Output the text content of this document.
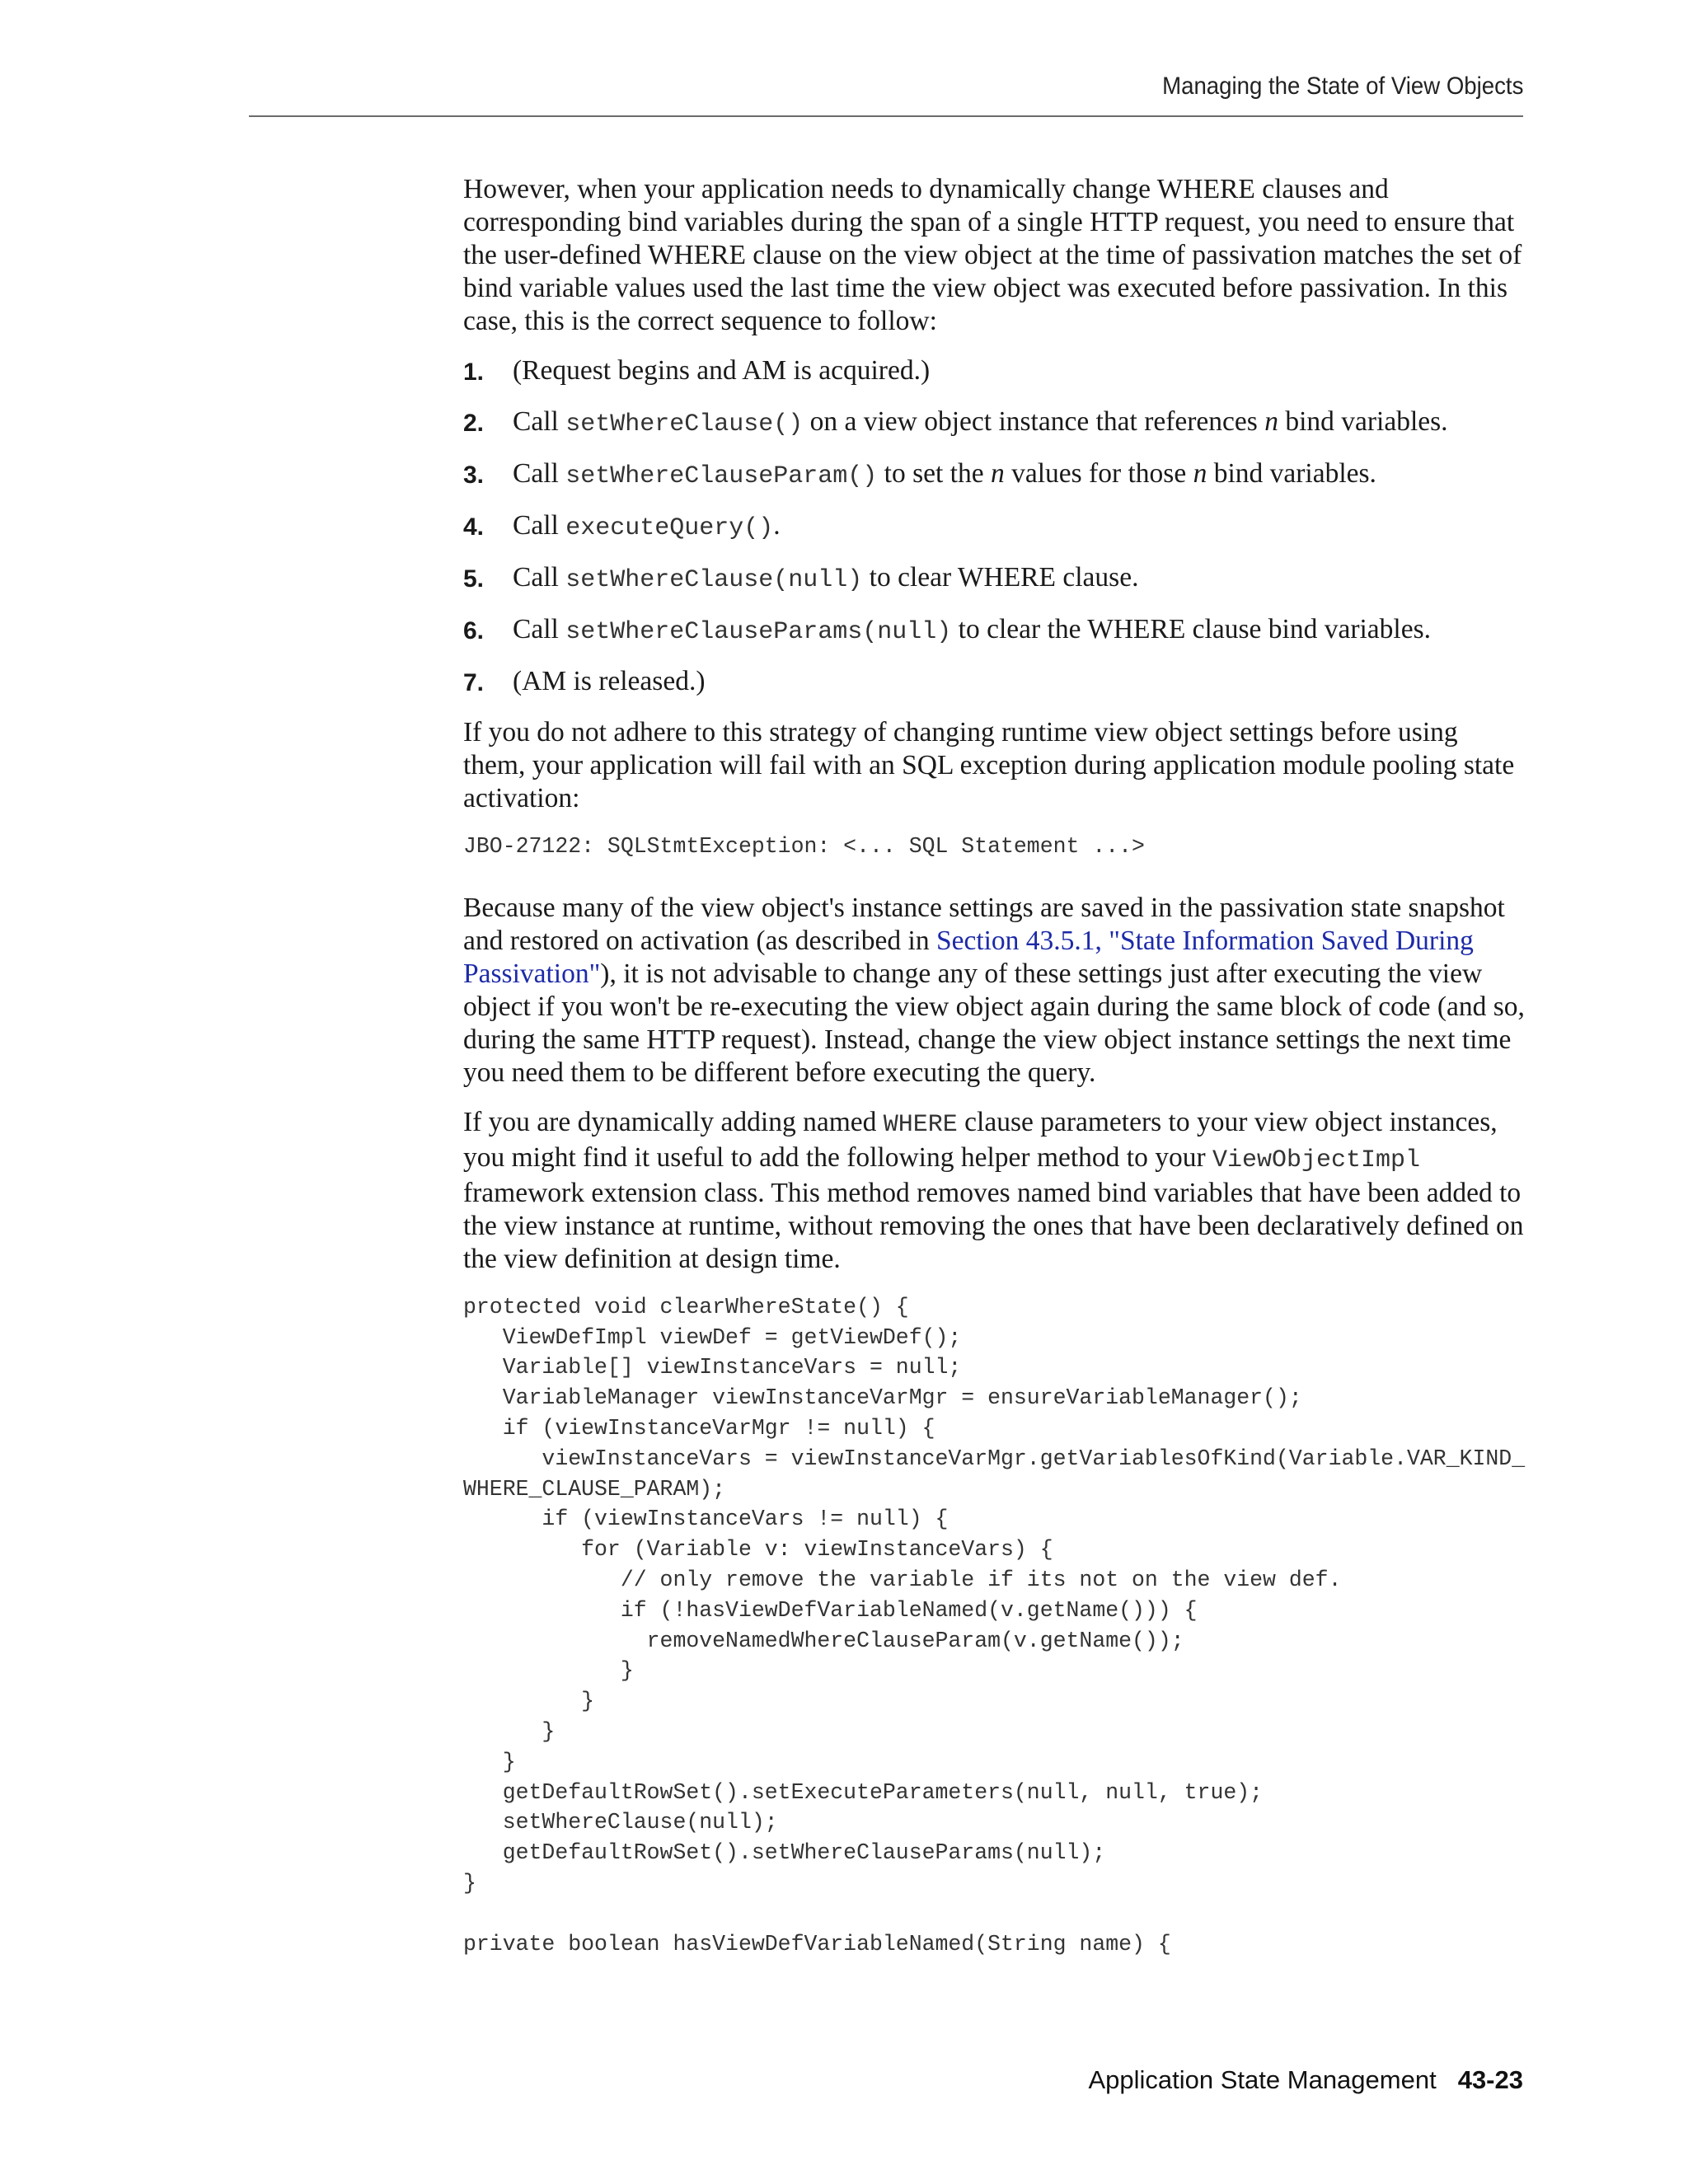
Managing the State of View Objects

However, when your application needs to dynamically change WHERE clauses and corresponding bind variables during the span of a single HTTP request, you need to ensure that the user-defined WHERE clause on the view object at the time of passivation matches the set of bind variable values used the last time the view object was executed before passivation. In this case, this is the correct sequence to follow:

1.	(Request begins and AM is acquired.)
2.	Call setWhereClause() on a view object instance that references n bind variables.
3.	Call setWhereClauseParam() to set the n values for those n bind variables.
4.	Call executeQuery().
5.	Call setWhereClause(null) to clear WHERE clause.
6.	Call setWhereClauseParams(null) to clear the WHERE clause bind variables.
7.	(AM is released.)

If you do not adhere to this strategy of changing runtime view object settings before using them, your application will fail with an SQL exception during application module pooling state activation:

JBO-27122: SQLStmtException: <... SQL Statement ...>

Because many of the view object's instance settings are saved in the passivation state snapshot and restored on activation (as described in Section 43.5.1, "State Information Saved During Passivation"), it is not advisable to change any of these settings just after executing the view object if you won't be re-executing the view object again during the same block of code (and so, during the same HTTP request). Instead, change the view object instance settings the next time you need them to be different before executing the query.

If you are dynamically adding named WHERE clause parameters to your view object instances, you might find it useful to add the following helper method to your ViewObjectImpl framework extension class. This method removes named bind variables that have been added to the view instance at runtime, without removing the ones that have been declaratively defined on the view definition at design time.

protected void clearWhereState() {
ViewDefImpl viewDef = getViewDef();
Variable[] viewInstanceVars = null;
VariableManager viewInstanceVarMgr = ensureVariableManager();
if (viewInstanceVarMgr != null) {
viewInstanceVars = viewInstanceVarMgr.getVariablesOfKind(Variable.VAR_KIND_
WHERE_CLAUSE_PARAM);
if (viewInstanceVars != null) {
for (Variable v: viewInstanceVars) {
// only remove the variable if its not on the view def.
if (!hasViewDefVariableNamed(v.getName())) {
removeNamedWhereClauseParam(v.getName());
}
}
}
}
getDefaultRowSet().setExecuteParameters(null, null, true);
setWhereClause(null);
getDefaultRowSet().setWhereClauseParams(null);
}

private boolean hasViewDefVariableNamed(String name) {
Application State Management 43-23
